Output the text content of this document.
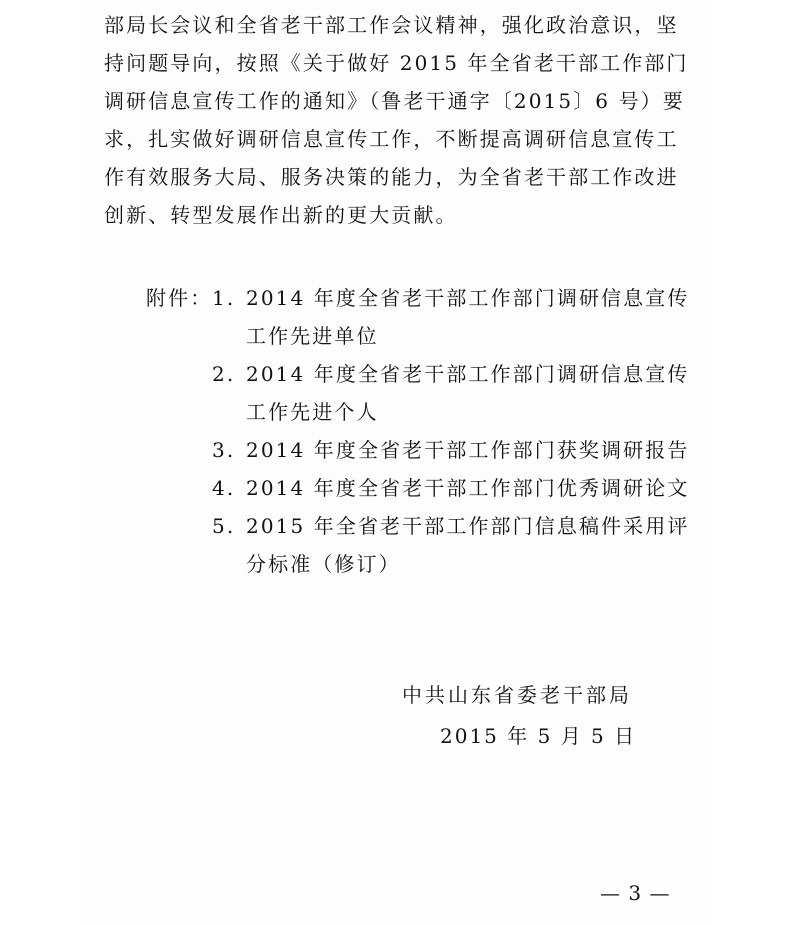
部局长会议和全省老干部工作会议精神，强化政治意识，坚
持问题导向，按照《关于做好 2015 年全省老干部工作部门
调研信息宣传工作的通知》（鲁老干通字〔2015〕6 号）要
求，扎实做好调研信息宣传工作，不断提高调研信息宣传工
作有效服务大局、服务决策的能力，为全省老干部工作改进
创新、转型发展作出新的更大贡献。
附件： 1. 2014 年度全省老干部工作部门调研信息宣传
工作先进单位
2. 2014 年度全省老干部工作部门调研信息宣传
工作先进个人
3. 2014 年度全省老干部工作部门获奖调研报告
4. 2014 年度全省老干部工作部门优秀调研论文
5. 2015 年全省老干部工作部门信息稿件采用评
分标准（修订）
中共山东省委老干部局
2015 年 5 月 5 日
— 3 —
